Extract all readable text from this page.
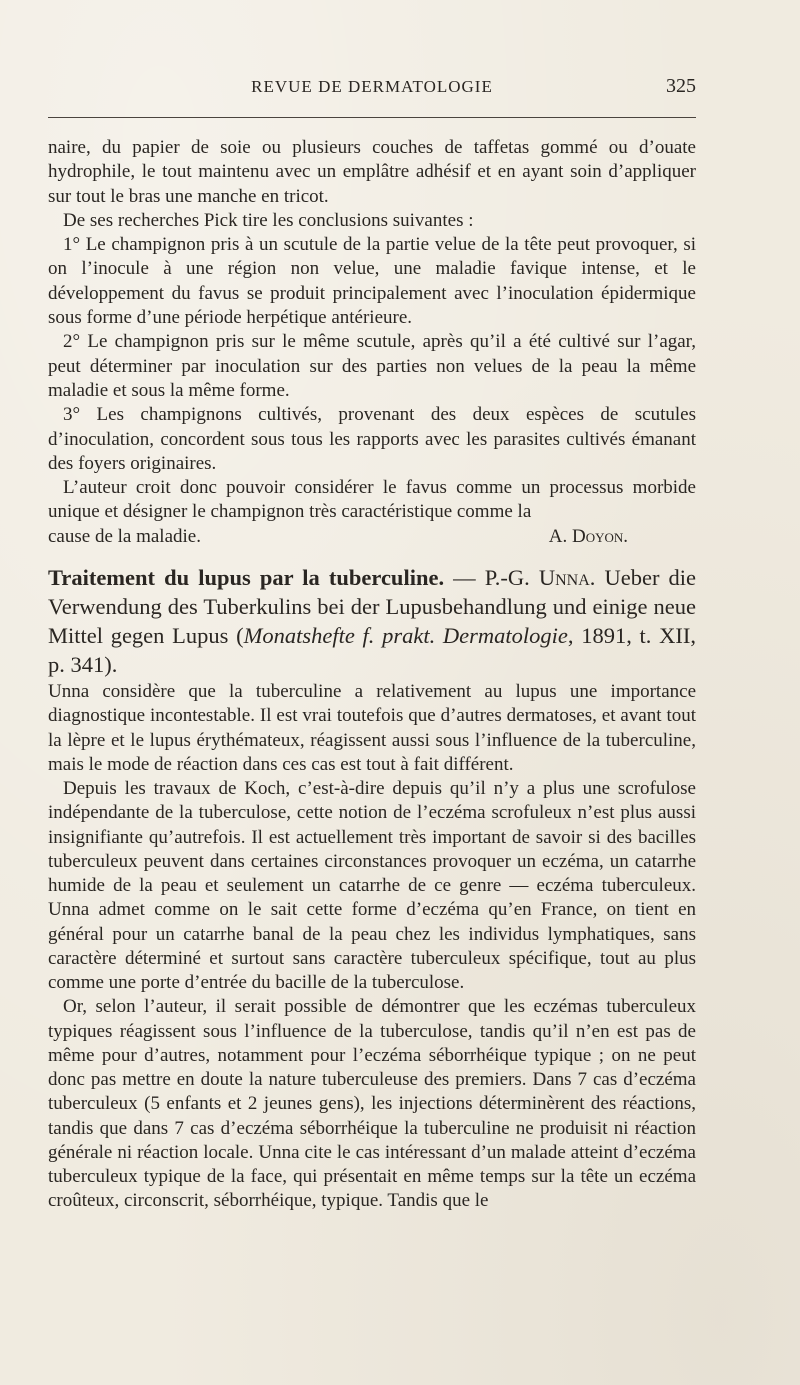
REVUE DE DERMATOLOGIE	325

naire, du papier de soie ou plusieurs couches de taffetas gommé ou d’ouate hydrophile, le tout maintenu avec un emplâtre adhésif et en ayant soin d’appliquer sur tout le bras une manche en tricot.

De ses recherches Pick tire les conclusions suivantes :

1° Le champignon pris à un scutule de la partie velue de la tête peut provoquer, si on l’inocule à une région non velue, une maladie favique intense, et le développement du favus se produit principalement avec l’inoculation épidermique sous forme d’une période herpétique antérieure.

2° Le champignon pris sur le même scutule, après qu’il a été cultivé sur l’agar, peut déterminer par inoculation sur des parties non velues de la peau la même maladie et sous la même forme.

3° Les champignons cultivés, provenant des deux espèces de scutules d’inoculation, concordent sous tous les rapports avec les parasites cultivés émanant des foyers originaires.

L’auteur croit donc pouvoir considérer le favus comme un processus morbide unique et désigner le champignon très caractéristique comme la

cause de la maladie.	A. Doyon.
Traitement du lupus par la tuberculine. — P.-G. Unna. Ueber die Verwendung des Tuberkulins bei der Lupusbehandlung und einige neue Mittel gegen Lupus (Monatshefte f. prakt. Dermatologie, 1891, t. XII, p. 341).

Unna considère que la tuberculine a relativement au lupus une importance diagnostique incontestable. Il est vrai toutefois que d’autres dermatoses, et avant tout la lèpre et le lupus érythémateux, réagissent aussi sous l’influence de la tuberculine, mais le mode de réaction dans ces cas est tout à fait différent.

Depuis les travaux de Koch, c’est-à-dire depuis qu’il n’y a plus une scrofulose indépendante de la tuberculose, cette notion de l’eczéma scrofuleux n’est plus aussi insignifiante qu’autrefois. Il est actuellement très important de savoir si des bacilles tuberculeux peuvent dans certaines circonstances provoquer un eczéma, un catarrhe humide de la peau et seulement un catarrhe de ce genre — eczéma tuberculeux. Unna admet comme on le sait cette forme d’eczéma qu’en France, on tient en général pour un catarrhe banal de la peau chez les individus lymphatiques, sans caractère déterminé et surtout sans caractère tuberculeux spécifique, tout au plus comme une porte d’entrée du bacille de la tuberculose.

Or, selon l’auteur, il serait possible de démontrer que les eczémas tuberculeux typiques réagissent sous l’influence de la tuberculose, tandis qu’il n’en est pas de même pour d’autres, notamment pour l’eczéma séborrhéique typique ; on ne peut donc pas mettre en doute la nature tuberculeuse des premiers. Dans 7 cas d’eczéma tuberculeux (5 enfants et 2 jeunes gens), les injections déterminèrent des réactions, tandis que dans 7 cas d’eczéma séborrhéique la tuberculine ne produisit ni réaction générale ni réaction locale. Unna cite le cas intéressant d’un malade atteint d’eczéma tuberculeux typique de la face, qui présentait en même temps sur la tête un eczéma croûteux, circonscrit, séborrhéique, typique. Tandis que le
